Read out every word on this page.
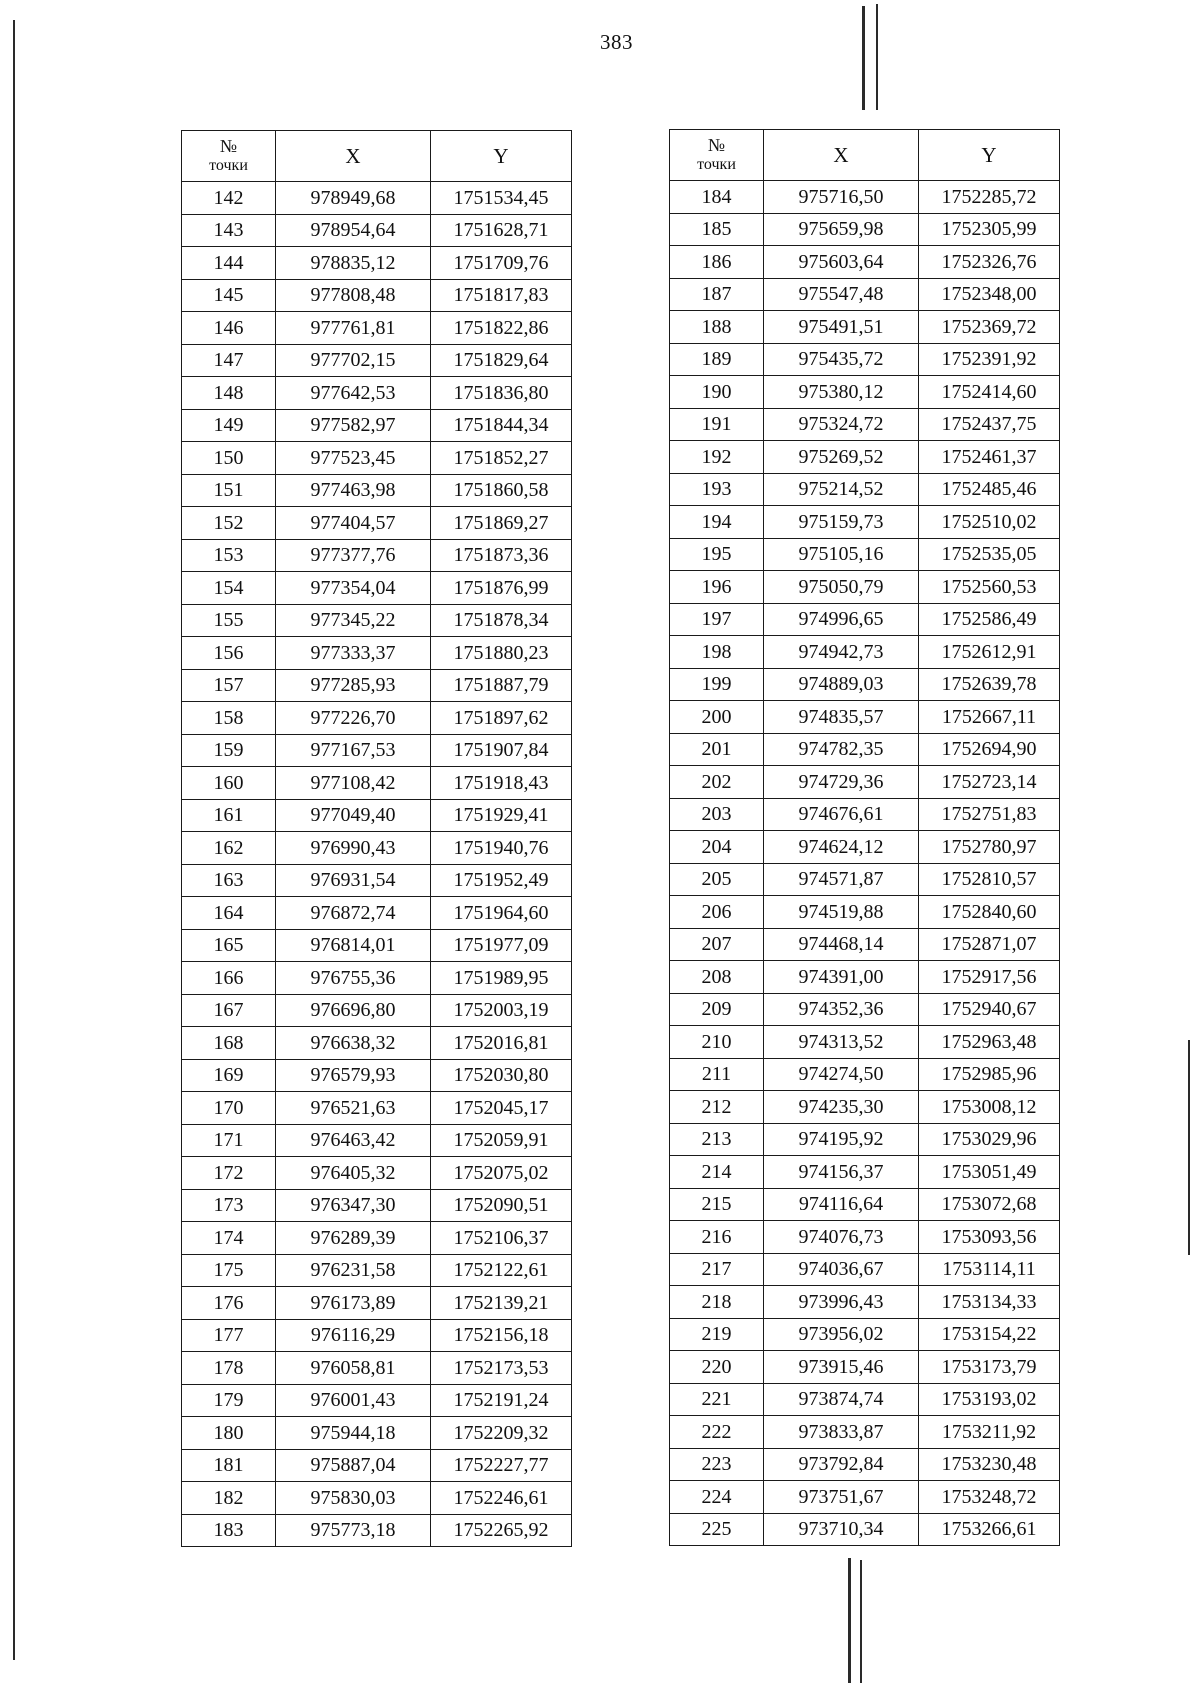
383
№
точки	X	Y
142	978949,68	1751534,45
143	978954,64	1751628,71
144	978835,12	1751709,76
145	977808,48	1751817,83
146	977761,81	1751822,86
147	977702,15	1751829,64
148	977642,53	1751836,80
149	977582,97	1751844,34
150	977523,45	1751852,27
151	977463,98	1751860,58
152	977404,57	1751869,27
153	977377,76	1751873,36
154	977354,04	1751876,99
155	977345,22	1751878,34
156	977333,37	1751880,23
157	977285,93	1751887,79
158	977226,70	1751897,62
159	977167,53	1751907,84
160	977108,42	1751918,43
161	977049,40	1751929,41
162	976990,43	1751940,76
163	976931,54	1751952,49
164	976872,74	1751964,60
165	976814,01	1751977,09
166	976755,36	1751989,95
167	976696,80	1752003,19
168	976638,32	1752016,81
169	976579,93	1752030,80
170	976521,63	1752045,17
171	976463,42	1752059,91
172	976405,32	1752075,02
173	976347,30	1752090,51
174	976289,39	1752106,37
175	976231,58	1752122,61
176	976173,89	1752139,21
177	976116,29	1752156,18
178	976058,81	1752173,53
179	976001,43	1752191,24
180	975944,18	1752209,32
181	975887,04	1752227,77
182	975830,03	1752246,61
183	975773,18	1752265,92
№
точки	X	Y
184	975716,50	1752285,72
185	975659,98	1752305,99
186	975603,64	1752326,76
187	975547,48	1752348,00
188	975491,51	1752369,72
189	975435,72	1752391,92
190	975380,12	1752414,60
191	975324,72	1752437,75
192	975269,52	1752461,37
193	975214,52	1752485,46
194	975159,73	1752510,02
195	975105,16	1752535,05
196	975050,79	1752560,53
197	974996,65	1752586,49
198	974942,73	1752612,91
199	974889,03	1752639,78
200	974835,57	1752667,11
201	974782,35	1752694,90
202	974729,36	1752723,14
203	974676,61	1752751,83
204	974624,12	1752780,97
205	974571,87	1752810,57
206	974519,88	1752840,60
207	974468,14	1752871,07
208	974391,00	1752917,56
209	974352,36	1752940,67
210	974313,52	1752963,48
211	974274,50	1752985,96
212	974235,30	1753008,12
213	974195,92	1753029,96
214	974156,37	1753051,49
215	974116,64	1753072,68
216	974076,73	1753093,56
217	974036,67	1753114,11
218	973996,43	1753134,33
219	973956,02	1753154,22
220	973915,46	1753173,79
221	973874,74	1753193,02
222	973833,87	1753211,92
223	973792,84	1753230,48
224	973751,67	1753248,72
225	973710,34	1753266,61
